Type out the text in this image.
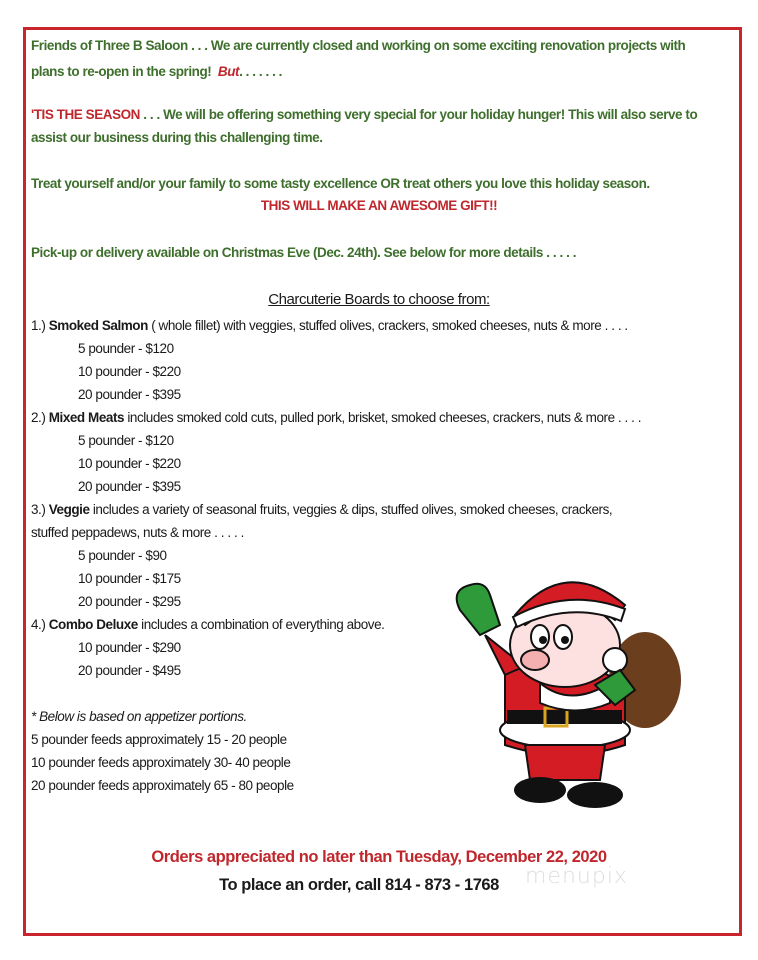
Friends of Three B Saloon . . . We are currently closed and working on some exciting renovation projects with
plans to re-open in the spring! But. . . . . . .
'TIS THE SEASON . . . We will be offering something very special for your holiday hunger! This will also serve to
assist our business during this challenging time.
Treat yourself and/or your family to some tasty excellence OR treat others you love this holiday season.
THIS WILL MAKE AN AWESOME GIFT!!
Pick-up or delivery available on Christmas Eve (Dec. 24th). See below for more details . . . . .
Charcuterie Boards to choose from:
* Below is based on appetizer portions.
5 pounder feeds approximately 15 - 20 people
10 pounder feeds approximately 30- 40 people
20 pounder feeds approximately 65 - 80 people
Orders appreciated no later than Tuesday, December 22, 2020
To place an order, call 814 - 873 - 1768	menupix
1.) Smoked Salmon ( whole fillet) with veggies, stuffed olives, crackers, smoked cheeses, nuts & more . . . .
5 pounder - $120
10 pounder - $220
20 pounder - $395
2.) Mixed Meats includes smoked cold cuts, pulled pork, brisket, smoked cheeses, crackers, nuts & more . . . .
5 pounder - $120
10 pounder - $220
20 pounder - $395
3.) Veggie includes a variety of seasonal fruits, veggies & dips, stuffed olives, smoked cheeses, crackers,
stuffed peppadews, nuts & more . . . . .
5 pounder - $90
10 pounder - $175
20 pounder - $295
4.) Combo Deluxe includes a combination of everything above.
10 pounder - $290
20 pounder - $495
